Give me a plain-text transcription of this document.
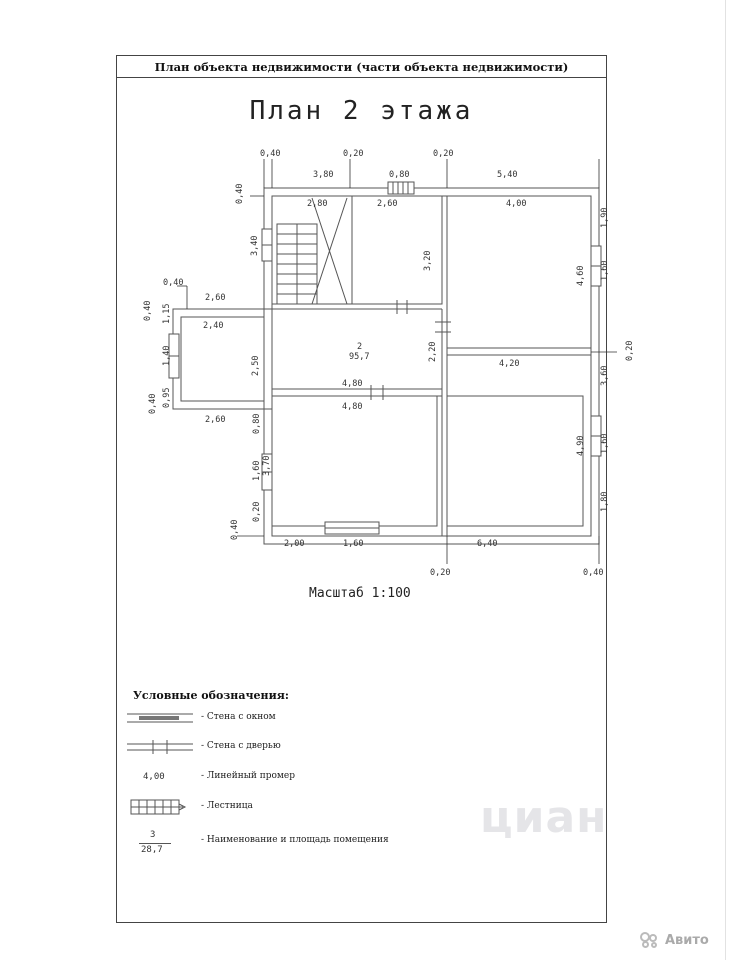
План объекта недвижимости (части объекта недвижимости)
План 2 этажа
0,40
3,80
0,20
0,80
0,20
5,40
2,80	2,60	4,00
2,60
2,40
0,40
2
95,7
4,20
4,80
4,80
2,60
2,00	1,60	6,40
0,20	0,40
0,40
3,40
3,20
1,90
4,60 1,60
0,40 1,15
1,40	2,50
0,95
0,40
2,20	0,20
3,60
0,80
3,70
1,60
0,20
0,40
4,90 1,60
1,80
Масштаб 1:100
Условные обозначения:
- Стена с окном
- Стена с дверью
4,00	- Линейный промер
- Лестница
3
28,7
- Наименование и площадь помещения циан
Авито
